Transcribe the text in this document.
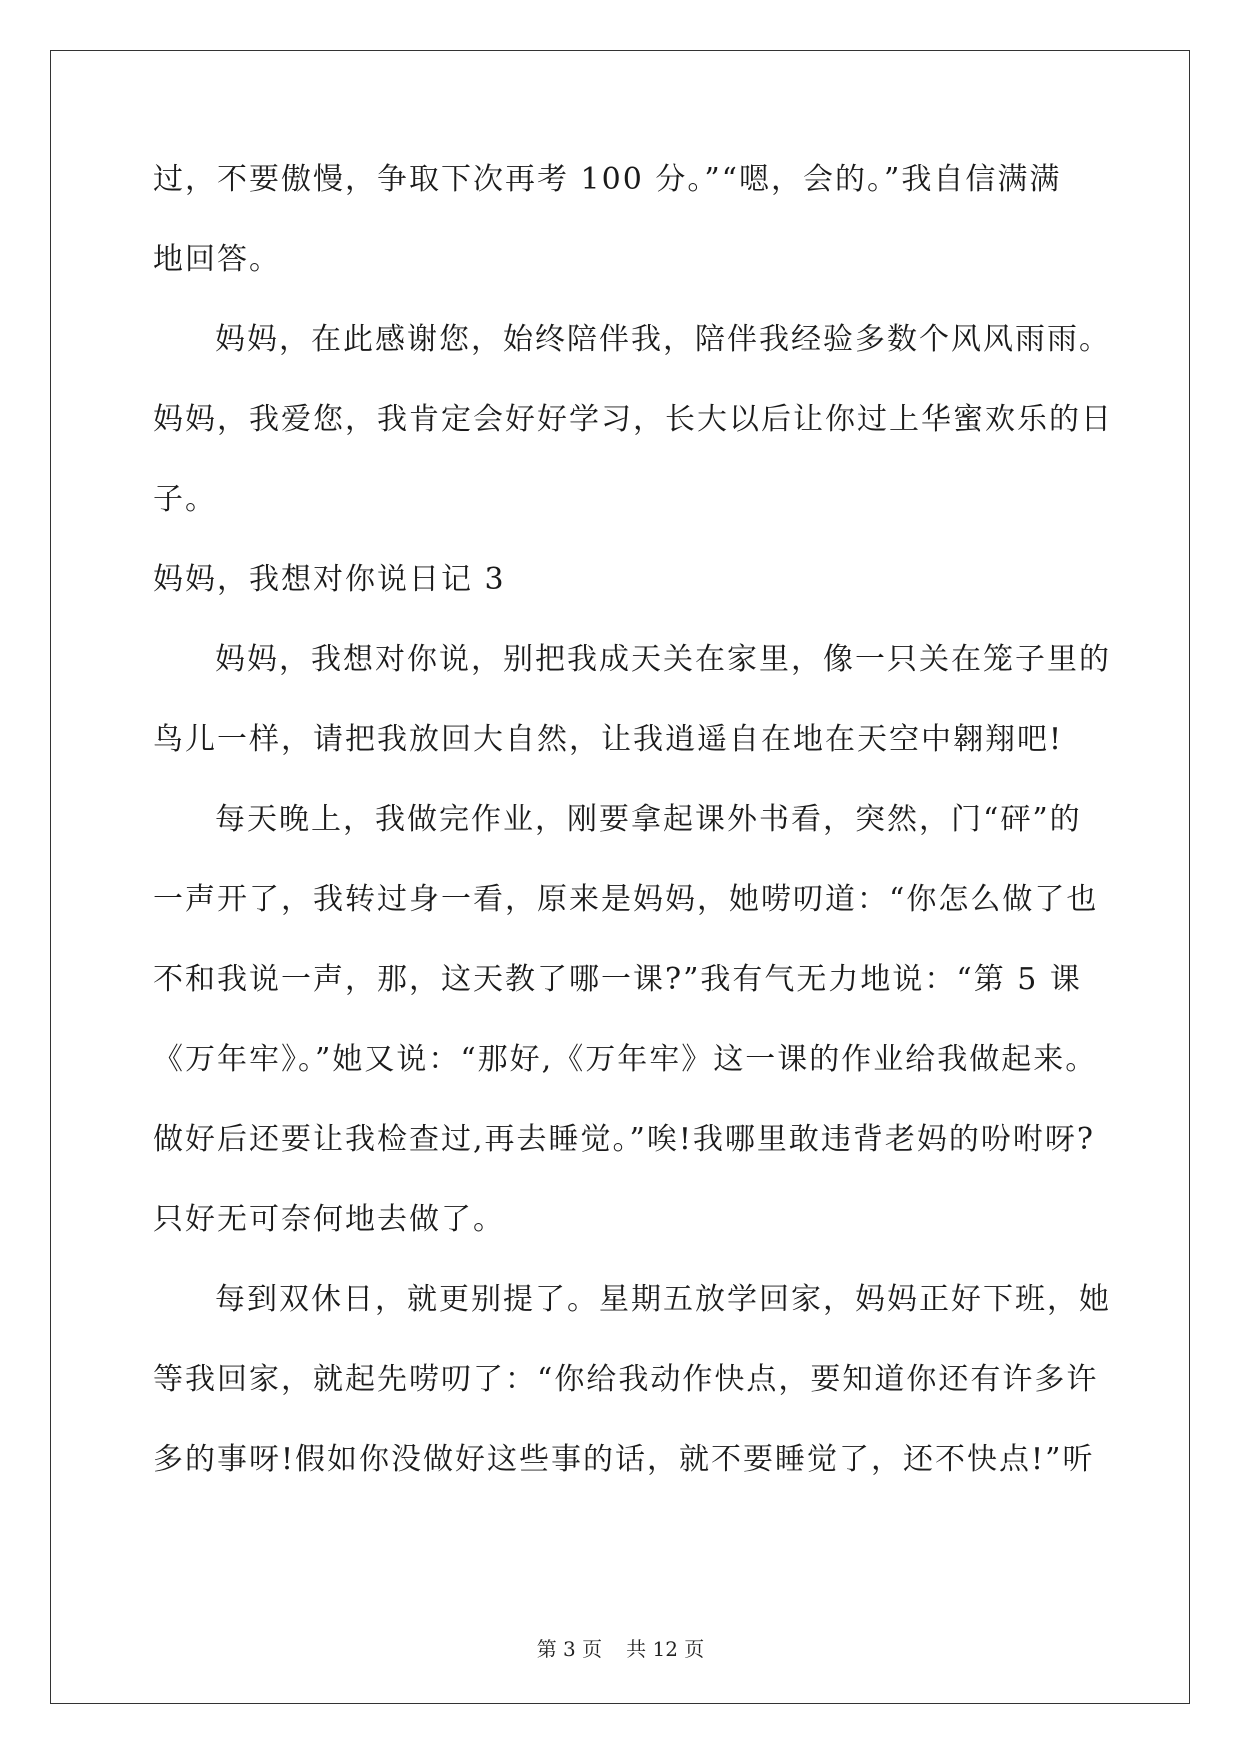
过，不要傲慢，争取下次再考 100 分。”“嗯，会的。”我自信满满
地回答。
妈妈，在此感谢您，始终陪伴我，陪伴我经验多数个风风雨雨。
妈妈，我爱您，我肯定会好好学习，长大以后让你过上华蜜欢乐的日
子。
妈妈，我想对你说日记 3
妈妈，我想对你说，别把我成天关在家里，像一只关在笼子里的
鸟儿一样，请把我放回大自然，让我逍遥自在地在天空中翱翔吧!
每天晚上，我做完作业，刚要拿起课外书看，突然，门“砰”的
一声开了，我转过身一看，原来是妈妈，她唠叨道：“你怎么做了也
不和我说一声，那，这天教了哪一课?”我有气无力地说：“第 5 课
《万年牢》。”她又说：“那好,《万年牢》这一课的作业给我做起来。
做好后还要让我检查过,再去睡觉。”唉!我哪里敢违背老妈的吩咐呀?
只好无可奈何地去做了。
每到双休日，就更别提了。星期五放学回家，妈妈正好下班，她
等我回家，就起先唠叨了：“你给我动作快点，要知道你还有许多许
多的事呀!假如你没做好这些事的话，就不要睡觉了，还不快点!”听
第 3 页 共 12 页
